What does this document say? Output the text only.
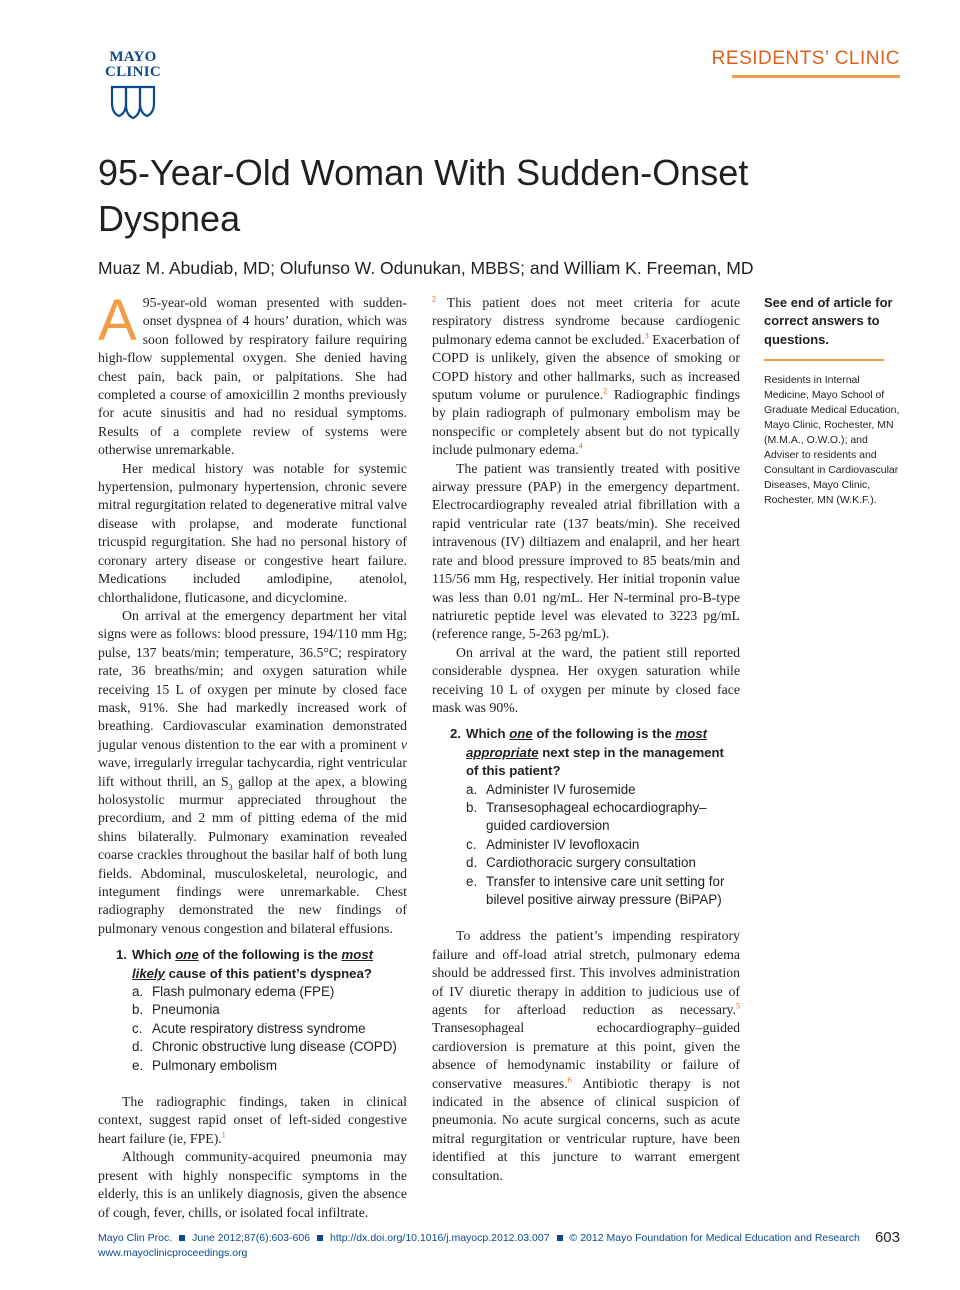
MAYO
CLINIC
RESIDENTS’ CLINIC
95-Year-Old Woman With Sudden-Onset Dyspnea

Muaz M. Abudiab, MD; Olufunso W. Odunukan, MBBS; and William K. Freeman, MD

A 95-year-old woman presented with sudden-onset dyspnea of 4 hours’ duration, which was soon followed by respiratory failure requiring high-flow supplemental oxygen. She denied having chest pain, back pain, or palpitations. She had completed a course of amoxicillin 2 months previously for acute sinusitis and had no residual symptoms. Results of a complete review of systems were otherwise unremarkable.

Her medical history was notable for systemic hypertension, pulmonary hypertension, chronic severe mitral regurgitation related to degenerative mitral valve disease with prolapse, and moderate functional tricuspid regurgitation. She had no personal history of coronary artery disease or congestive heart failure. Medications included amlodipine, atenolol, chlorthalidone, fluticasone, and dicyclomine.

On arrival at the emergency department her vital signs were as follows: blood pressure, 194/110 mm Hg; pulse, 137 beats/min; temperature, 36.5°C; respiratory rate, 36 breaths/min; and oxygen saturation while receiving 15 L of oxygen per minute by closed face mask, 91%. She had markedly increased work of breathing. Cardiovascular examination demonstrated jugular venous distention to the ear with a prominent v wave, irregularly irregular tachycardia, right ventricular lift without thrill, an $S_3$ gallop at the apex, a blowing holosystolic murmur appreciated throughout the precordium, and 2 mm of pitting edema of the mid shins bilaterally. Pulmonary examination revealed coarse crackles throughout the basilar half of both lung fields. Abdominal, musculoskeletal, neurologic, and integument findings were unremarkable. Chest radiography demonstrated the new findings of pulmonary venous congestion and bilateral effusions.

1. Which one of the following is the most likely cause of this patient’s dyspnea?
a. Flash pulmonary edema (FPE)
b. Pneumonia
c. Acute respiratory distress syndrome
d. Chronic obstructive lung disease (COPD)
e. Pulmonary embolism

The radiographic findings, taken in clinical context, suggest rapid onset of left-sided congestive heart failure (ie, FPE).$^1$

Although community-acquired pneumonia may present with highly nonspecific symptoms in the elderly, this is an unlikely diagnosis, given the absence of cough, fever, chills, or isolated focal infiltrate.

$^2$ This patient does not meet criteria for acute respiratory distress syndrome because cardiogenic pulmonary edema cannot be excluded.$^3$ Exacerbation of COPD is unlikely, given the absence of smoking or COPD history and other hallmarks, such as increased sputum volume or purulence.$^2$ Radiographic findings by plain radiograph of pulmonary embolism may be nonspecific or completely absent but do not typically include pulmonary edema.$^4$

The patient was transiently treated with positive airway pressure (PAP) in the emergency department. Electrocardiography revealed atrial fibrillation with a rapid ventricular rate (137 beats/min). She received intravenous (IV) diltiazem and enalapril, and her heart rate and blood pressure improved to 85 beats/min and 115/56 mm Hg, respectively. Her initial troponin value was less than 0.01 ng/mL. Her N-terminal pro-B-type natriuretic peptide level was elevated to 3223 pg/mL (reference range, 5-263 pg/mL).

On arrival at the ward, the patient still reported considerable dyspnea. Her oxygen saturation while receiving 10 L of oxygen per minute by closed face mask was 90%.

2. Which one of the following is the most appropriate next step in the management of this patient?
a. Administer IV furosemide
b. Transesophageal echocardiography–guided cardioversion
c. Administer IV levofloxacin
d. Cardiothoracic surgery consultation
e. Transfer to intensive care unit setting for bilevel positive airway pressure (BiPAP)

To address the patient’s impending respiratory failure and off-load atrial stretch, pulmonary edema should be addressed first. This involves administration of IV diuretic therapy in addition to judicious use of agents for afterload reduction as necessary.$^5$ Transesophageal echocardiography–guided cardioversion is premature at this point, given the absence of hemodynamic instability or failure of conservative measures.$^6$ Antibiotic therapy is not indicated in the absence of clinical suspicion of pneumonia. No acute surgical concerns, such as acute mitral regurgitation or ventricular rupture, have been identified at this juncture to warrant emergent consultation.

See end of article for correct answers to questions.

Residents in Internal Medicine, Mayo School of Graduate Medical Education, Mayo Clinic, Rochester, MN (M.M.A., O.W.O.); and Adviser to residents and Consultant in Cardiovascular Diseases, Mayo Clinic, Rochester, MN (W.K.F.).

Mayo Clin Proc. June 2012;87(6):603-606 http://dx.doi.org/10.1016/j.mayocp.2012.03.007 © 2012 Mayo Foundation for Medical Education and Research
www.mayoclinicproceedings.org
603
